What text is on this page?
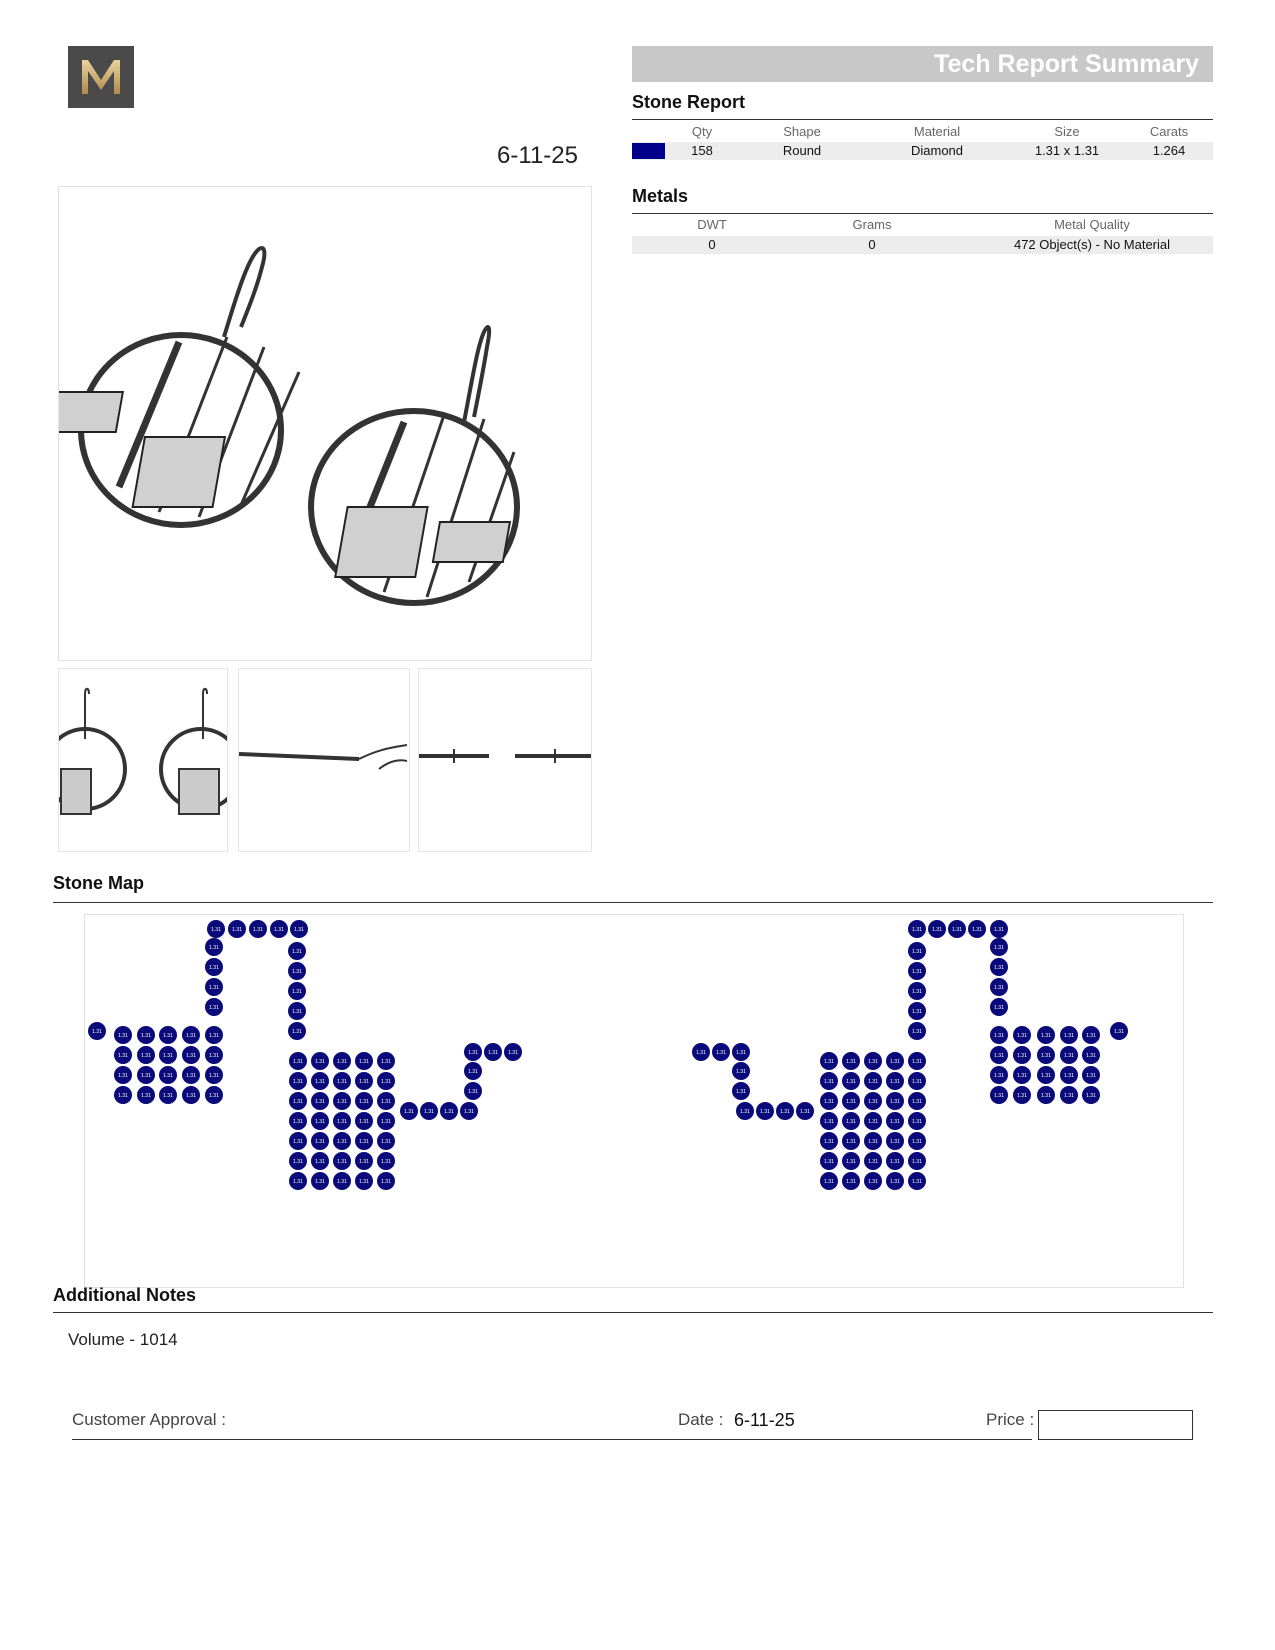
6-11-25
Tech Report Summary
Stone Report
Qty	Shape	Material	Size	Carats
158	Round	Diamond	1.31 x 1.31	1.264
Metals
DWT	Grams	Metal Quality
0	0	472 Object(s) - No Material
Stone Map
1.31 1.31 1.31 1.31 1.31
1.31
1.31
1.31
1.31
1.31
1.31
1.31
1.31
1.31
1.31
1.31
1.31
1.31
1.31
1.31
1.31
1.31
1.31
1.31
1.31
1.31
1.31
1.31
1.31
1.31
1.31
1.31
1.31
1.31
1.31
1.31
1.31
1.31
1.31
1.31
1.31
1.31
1.31
1.31
1.31
1.31
1.31
1.31
1.31
1.31
1.31
1.31
1.31
1.31
1.31
1.31
1.31
1.31
1.31
1.31
1.31
1.31
1.31
1.31
1.31
1.31
1.31
1.31
1.31
1.31
1.31 1.31 1.31 1.31
1.31
1.31
1.31 1.31 1.31
1.31 1.31 1.31 1.31 1.31
1.31
1.31
1.31
1.31
1.31
1.31
1.31
1.31
1.31	1.31
1.31
1.31
1.31
1.31
1.31
1.31
1.31
1.31
1.31
1.31
1.31
1.31
1.31
1.31
1.31
1.31
1.31
1.31
1.31
1.31
1.31
1.31
1.31
1.31
1.31
1.31
1.31
1.31
1.31
1.31
1.31
1.31
1.31
1.31
1.31
1.31
1.31
1.31
1.31
1.31
1.31
1.31
1.31
1.31
1.31
1.31
1.31
1.31
1.31
1.31
1.31
1.31
1.31
1.31
1.31
1.31 1.31 1.31 1.31
1.31
1.31
1.31 1.31 1.31
Additional Notes
Volume - 1014
Customer Approval :	Date : 6-11-25	Price :
